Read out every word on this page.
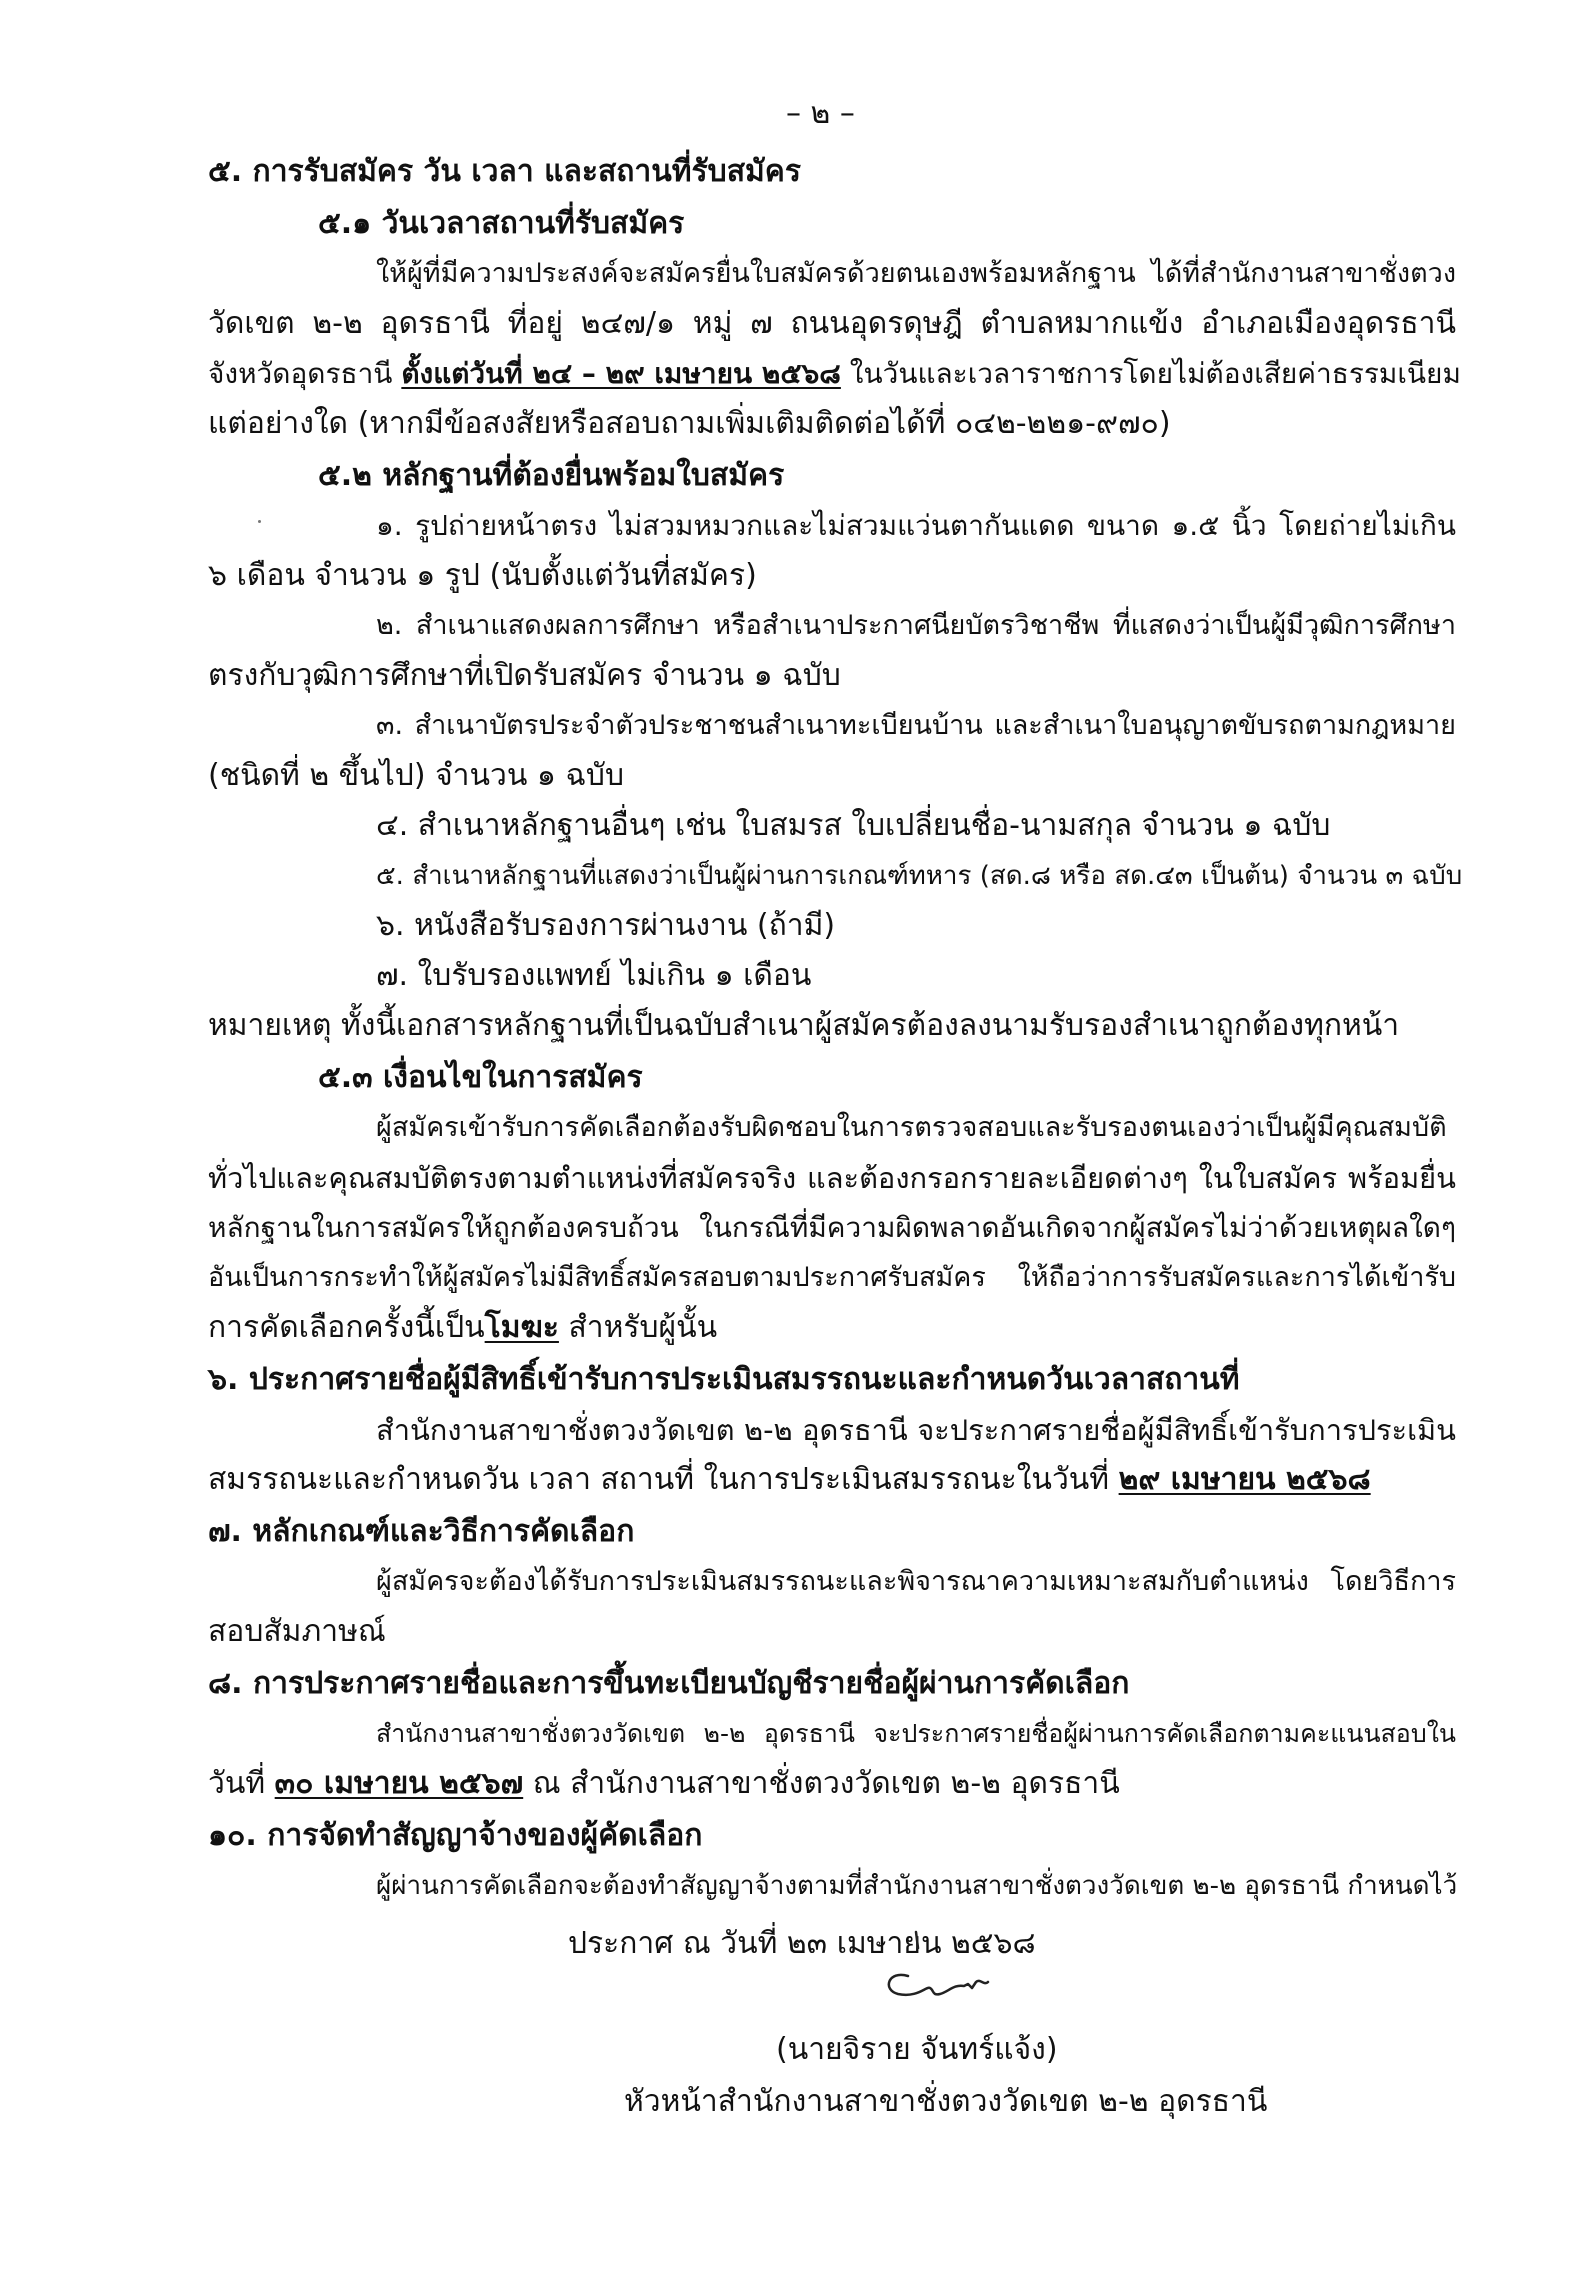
– ๒ –
๕. การรับสมัคร วัน เวลา และสถานที่รับสมัคร
๕.๑ วันเวลาสถานที่รับสมัคร
ให้ผู้ที่มีความประสงค์จะสมัครยื่นใบสมัครด้วยตนเองพร้อมหลักฐาน ได้ที่สำนักงานสาขาชั่งตวง
วัดเขต ๒-๒ อุดรธานี ที่อยู่ ๒๔๗/๑ หมู่ ๗ ถนนอุดรดุษฎี ตำบลหมากแข้ง อำเภอเมืองอุดรธานี
จังหวัดอุดรธานี ตั้งแต่วันที่ ๒๔ – ๒๙ เมษายน ๒๕๖๘ ในวันและเวลาราชการโดยไม่ต้องเสียค่าธรรมเนียม
แต่อย่างใด (หากมีข้อสงสัยหรือสอบถามเพิ่มเติมติดต่อได้ที่ ๐๔๒-๒๒๑-๙๗๐)
๕.๒ หลักฐานที่ต้องยื่นพร้อมใบสมัคร
๑. รูปถ่ายหน้าตรง ไม่สวมหมวกและไม่สวมแว่นตากันแดด ขนาด ๑.๕ นิ้ว โดยถ่ายไม่เกิน
๖ เดือน จำนวน ๑ รูป (นับตั้งแต่วันที่สมัคร)
๒. สำเนาแสดงผลการศึกษา หรือสำเนาประกาศนียบัตรวิชาชีพ ที่แสดงว่าเป็นผู้มีวุฒิการศึกษา
ตรงกับวุฒิการศึกษาที่เปิดรับสมัคร จำนวน ๑ ฉบับ
๓. สำเนาบัตรประจำตัวประชาชนสำเนาทะเบียนบ้าน และสำเนาใบอนุญาตขับรถตามกฎหมาย
(ชนิดที่ ๒ ขึ้นไป) จำนวน ๑ ฉบับ
๔. สำเนาหลักฐานอื่นๆ เช่น ใบสมรส ใบเปลี่ยนชื่อ-นามสกุล จำนวน ๑ ฉบับ
๕. สำเนาหลักฐานที่แสดงว่าเป็นผู้ผ่านการเกณฑ์ทหาร (สด.๘ หรือ สด.๔๓ เป็นต้น) จำนวน ๓ ฉบับ
๖. หนังสือรับรองการผ่านงาน (ถ้ามี)
๗. ใบรับรองแพทย์ ไม่เกิน ๑ เดือน
หมายเหตุ ทั้งนี้เอกสารหลักฐานที่เป็นฉบับสำเนาผู้สมัครต้องลงนามรับรองสำเนาถูกต้องทุกหน้า
๕.๓ เงื่อนไขในการสมัคร
ผู้สมัครเข้ารับการคัดเลือกต้องรับผิดชอบในการตรวจสอบและรับรองตนเองว่าเป็นผู้มีคุณสมบัติ
ทั่วไปและคุณสมบัติตรงตามตำแหน่งที่สมัครจริง และต้องกรอกรายละเอียดต่างๆ ในใบสมัคร พร้อมยื่น
หลักฐานในการสมัครให้ถูกต้องครบถ้วน ในกรณีที่มีความผิดพลาดอันเกิดจากผู้สมัครไม่ว่าด้วยเหตุผลใดๆ
อันเป็นการกระทำให้ผู้สมัครไม่มีสิทธิ์สมัครสอบตามประกาศรับสมัคร ให้ถือว่าการรับสมัครและการได้เข้ารับ
การคัดเลือกครั้งนี้เป็นโมฆะ สำหรับผู้นั้น
๖. ประกาศรายชื่อผู้มีสิทธิ์เข้ารับการประเมินสมรรถนะและกำหนดวันเวลาสถานที่
สำนักงานสาขาชั่งตวงวัดเขต ๒-๒ อุดรธานี จะประกาศรายชื่อผู้มีสิทธิ์เข้ารับการประเมิน
สมรรถนะและกำหนดวัน เวลา สถานที่ ในการประเมินสมรรถนะในวันที่ ๒๙ เมษายน ๒๕๖๘
๗. หลักเกณฑ์และวิธีการคัดเลือก
ผู้สมัครจะต้องได้รับการประเมินสมรรถนะและพิจารณาความเหมาะสมกับตำแหน่ง โดยวิธีการ
สอบสัมภาษณ์
๘. การประกาศรายชื่อและการขึ้นทะเบียนบัญชีรายชื่อผู้ผ่านการคัดเลือก
สำนักงานสาขาชั่งตวงวัดเขต ๒-๒ อุดรธานี จะประกาศรายชื่อผู้ผ่านการคัดเลือกตามคะแนนสอบใน
วันที่ ๓๐ เมษายน ๒๕๖๗ ณ สำนักงานสาขาชั่งตวงวัดเขต ๒-๒ อุดรธานี
๑๐. การจัดทำสัญญาจ้างของผู้คัดเลือก
ผู้ผ่านการคัดเลือกจะต้องทำสัญญาจ้างตามที่สำนักงานสาขาชั่งตวงวัดเขต ๒-๒ อุดรธานี กำหนดไว้
ประกาศ ณ วันที่ ๒๓ เมษายน ๒๕๖๘
(นายจิราย จันทร์แจ้ง)
หัวหน้าสำนักงานสาขาชั่งตวงวัดเขต ๒-๒ อุดรธานี
